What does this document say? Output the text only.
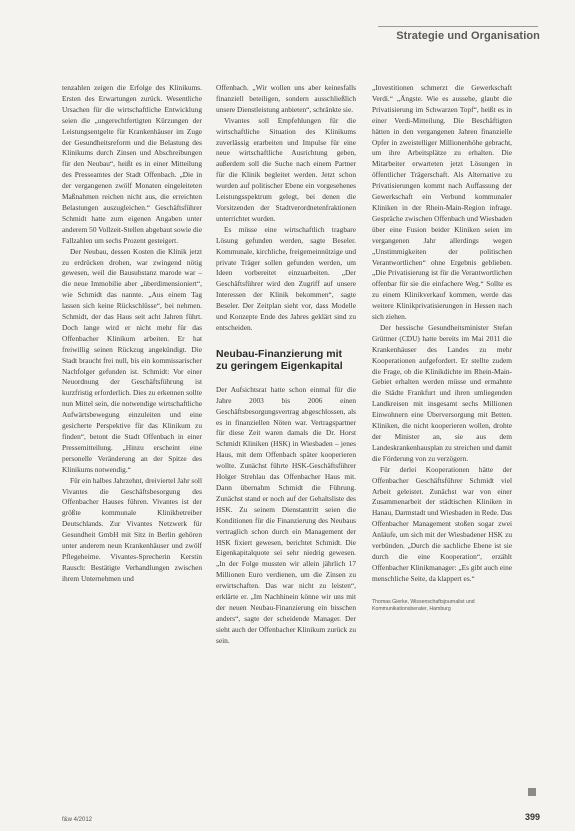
Strategie und Organisation

tenzahlen zeigen die Erfolge des Klinikums. Ersten des Erwartungen zurück. Wesentliche Ursachen für die wirtschaftliche Entwicklung seien die „ungerechtfertigten Kürzungen der Leistungsentgelte für Krankenhäuser im Zuge der Gesundheitsreform und die Belastung des Klinikums durch Zinsen und Abschreibungen für den Neubau“, heißt es in einer Mitteilung des Presseamtes der Stadt Offenbach. „Die in der vergangenen zwölf Monaten eingeleiteten Maßnahmen reichen nicht aus, die erreichten Belastungen auszugleichen.“ Geschäftsführer Schmidt hatte zum eigenen Angaben unter anderem 50 Vollzeit-Stellen abgebaut sowie die Fallzahlen um sechs Prozent gesteigert.

Der Neubau, dessen Kosten die Klinik jetzt zu erdrücken drohen, war zwingend nötig gewesen, weil die Bausubstanz marode war – die neue Immobilie aber „überdimensioniert“, wie Schmidt das nannte. „Aus einem Tag lassen sich keine Rückschlüsse“, bei nehmen. Schmidt, der das Haus seit acht Jahren führt. Doch lange wird er nicht mehr für das Offenbacher Klinikum arbeiten. Er hat freiwillig seinen Rückzug angekündigt. Die Stadt braucht frei null, bis ein kommissarischer Nachfolger gefunden ist. Schmidt: Vor einer Neuordnung der Geschäftsführung ist kurzfristig erforderlich. Dies zu erkennen sollte nun Mittel sein, die notwendige wirtschaftliche Aufwärtsbewegung einzuleiten und eine gesicherte Perspektive für das Klinikum zu finden“, betont die Stadt Offenbach in einer Pressemitteilung. „Hinzu erscheint eine personelle Veränderung an der Spitze des Klinikums notwendig.“

Für ein halbes Jahrzehnt, dreiviertel Jahr soll Vivantes die Geschäftsbesorgung des Offenbacher Hauses führen. Vivantes ist der größte kommunale Klinikbetreiber Deutschlands. Zur Vivantes Netzwerk für Gesundheit GmbH mit Sitz in Berlin gehören unter anderem neun Krankenhäuser und zwölf Pflegeheime. Vivantes-Sprecherin Kerstin Rausch: Bestätigte Verhandlungen zwischen ihrem Unternehmen und

Offenbach. „Wir wollen uns aber keinesfalls finanziell beteiligen, sondern ausschließlich unsere Dienstleistung anbieten“, schränkte sie.

Vivantes soll Empfehlungen für die wirtschaftliche Situation des Klinikums zuverlässig erarbeiten und Impulse für eine neue wirtschaftliche Ausrichtung geben, außerdem soll die Suche nach einem Partner für die Klinik begleitet werden. Jetzt schon wurden auf politischer Ebene ein vorgesehenes Leistungsspektrum gelegt, bei denen die Vorsitzenden der Stadtverordnetenfraktionen unterrichtet wurden.

Es müsse eine wirtschaftlich tragbare Lösung gefunden werden, sagte Beseler. Kommunale, kirchliche, freigemeinnützige und private Träger sollen gefunden werden, um Ideen vorbereitet einzuarbeiten. „Der Geschäftsführer wird den Zugriff auf unsere Interessen der Klinik bekommen“, sagte Beseler. Der Zeitplan sieht vor, dass Modelle und Konzepte Ende des Jahres geklärt sind zu entscheiden.

Neubau-Finanzierung mit zu geringem Eigenkapital

Der Aufsichtsrat hatte schon einmal für die Jahre 2003 bis 2006 einen Geschäftsbesorgungsvertrag abgeschlossen, als es in finanziellen Nöten war. Vertragspartner für diese Zeit waren damals die Dr. Horst Schmidt Kliniken (HSK) in Wiesbaden – jenes Haus, mit dem Offenbach später kooperieren wollte. Zunächst führte HSK-Geschäftsführer Holger Strehlau das Offenbacher Haus mit. Dann übernahm Schmidt die Führung. Zunächst stand er noch auf der Gehaltsliste des HSK. Zu seinem Dienstantritt seien die Konditionen für die Finanzierung des Neubaus vertraglich schon durch ein Management der HSK fixiert gewesen, berichtet Schmidt. Die Eigenkapitalquote sei sehr niedrig gewesen. „In der Folge mussten wir allein jährlich 17 Millionen Euro verdienen, um die Zinsen zu erwirtschaften. Das war nicht zu leisten“, erklärte er. „Im Nachhinein könne wir uns mit der neuen Neubau-Finanzierung ein bisschen anders“, sagte der scheidende Manager. Der sieht auch der Offenbacher Klinikum zurück zu sein.

„Investitionen schmerzt die Gewerkschaft Verdi.“ „Ängste. Wie es aussehe, glaubt die Privatisierung im Schwarzen Topf“, heißt es in einer Verdi-Mitteilung. Die Beschäftigten hätten in den vergangenen Jahren finanzielle Opfer in zweistelliger Millionenhöhe gebracht, um ihre Arbeitsplätze zu erhalten. Die Mitarbeiter erwarteten jetzt Lösungen in öffentlicher Trägerschaft. Als Alternative zu Privatisierungen kommt nach Auffassung der Gewerkschaft ein Verbund kommunaler Kliniken in der Rhein-Main-Region infrage. Gespräche zwischen Offenbach und Wiesbaden über eine Fusion beider Kliniken seien im vergangenen Jahr allerdings wegen „Unstimmigkeiten der politischen Verantwortlichen“ ohne Ergebnis geblieben. „Die Privatisierung ist für die Verantwortlichen offenbar für sie die einfachere Weg.“ Sollte es zu einem Klinikverkauf kommen, werde das weitere Klinikprivatisierungen in Hessen nach sich ziehen.

Der hessische Gesundheitsminister Stefan Grüttner (CDU) hatte bereits im Mai 2011 die Krankenhäuser des Landes zu mehr Kooperationen aufgefordert. Er stellte zudem die Frage, ob die Klinikdichte im Rhein-Main-Gebiet erhalten werden müsse und ermahnte die Städte Frankfurt und ihren umliegenden Landkreisen mit insgesamt sechs Millionen Einwohnern eine Überversorgung mit Betten. Kliniken, die nicht kooperieren wollen, drohte der Minister an, sie aus dem Landeskrankenhausplan zu streichen und damit die Förderung von zu verzögern.

Für derlei Kooperationen hätte der Offenbacher Geschäftsführer Schmidt viel Arbeit geleistet. Zunächst war von einer Zusammenarbeit der städtischen Kliniken in Hanau, Darmstadt und Wiesbaden in Rede. Das Offenbacher Management stoßen sogar zwei Anläufe, um sich mit der Wiesbadener HSK zu verbünden. „Durch die sachliche Ebene ist sie durch die eine Kooperation“, erzählt Offenbacher Klinikmanager: „Es gibt auch eine menschliche Seite, da klappert es.“

Thomas Gierke, Wissenschaftsjournalist und Kommunikationsberater, Hamburg
f&w 4/2012	399
